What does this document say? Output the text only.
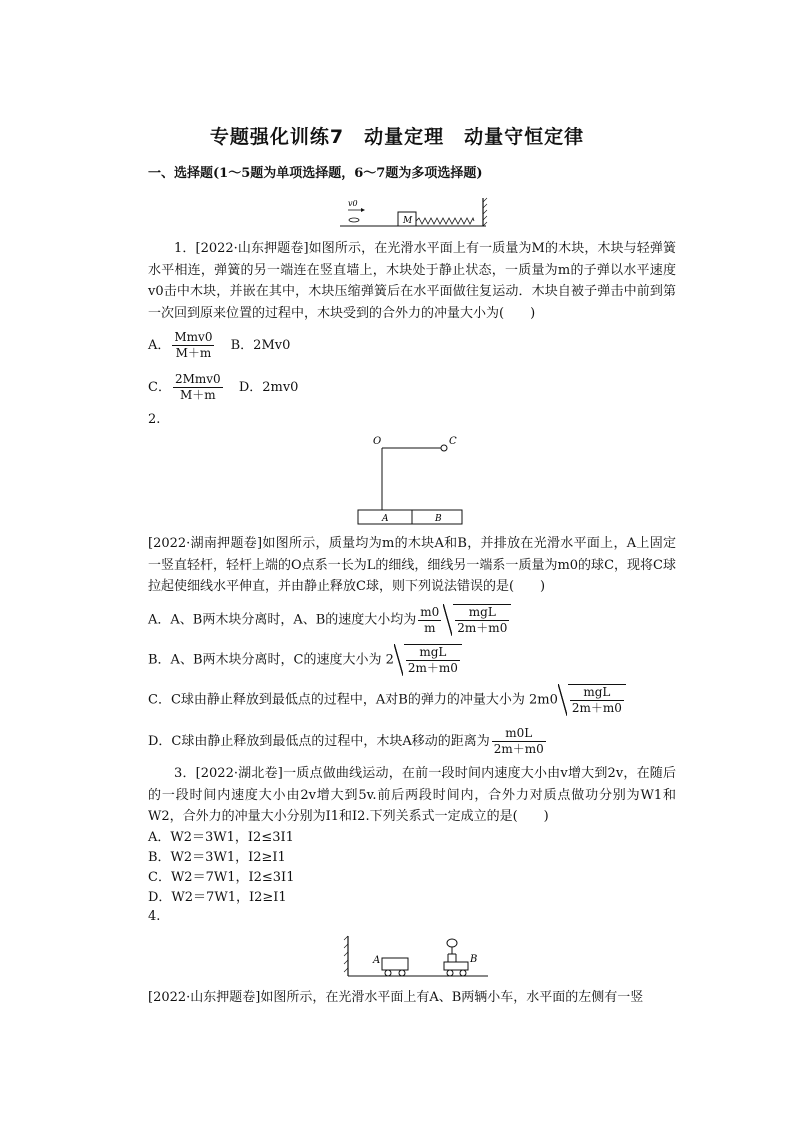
专题强化训练7　动量定理　动量守恒定律
一、选择题(1～5题为单项选择题，6～7题为多项选择题)
v0
M
1．[2022·山东押题卷]如图所示，在光滑水平面上有一质量为M的木块，木块与轻弹簧水平相连，弹簧的另一端连在竖直墙上，木块处于静止状态，一质量为m的子弹以水平速度v0击中木块，并嵌在其中，木块压缩弹簧后在水平面做往复运动．木块自被子弹击中前到第一次回到原来位置的过程中，木块受到的合外力的冲量大小为(　　)
A． $\frac{\text{Mmv0}}{M+m}$ B．2Mv0
C． $\frac{\text{2Mmv0}}{M+m}$ D．2mv0
2.
O	C
A	B
[2022·湖南押题卷]如图所示，质量均为m的木块A和B，并排放在光滑水平面上，A上固定一竖直轻杆，轻杆上端的O点系一长为L的细线，细线另一端系一质量为m0的球C，现将C球拉起使细线水平伸直，并由静止释放C球，则下列说法错误的是(　　)
A．A、B两木块分离时，A、B的速度大小均为 $\frac{m0}{m} \frac{\text{mgL}}{2m+m0}$
B．A、B两木块分离时，C的速度大小为 $2 \frac{\text{mgL}}{2m+m0}$
C．C球由静止释放到最低点的过程中，A对B的弹力的冲量大小为 $2m0 \frac{\text{mgL}}{2m+m0}$
D．C球由静止释放到最低点的过程中，木块A移动的距离为 $\frac{m0L}{2m+m0}$
3．[2022·湖北卷]一质点做曲线运动，在前一段时间内速度大小由v增大到2v，在随后的一段时间内速度大小由2v增大到5v.前后两段时间内，合外力对质点做功分别为W1和W2，合外力的冲量大小分别为I1和I2.下列关系式一定成立的是(　　)
A．W2＝3W1，I2≤3I1
B．W2＝3W1，I2≥I1
C．W2＝7W1，I2≤3I1
D．W2＝7W1，I2≥I1
4.
A	B
[2022·山东押题卷]如图所示，在光滑水平面上有A、B两辆小车，水平面的左侧有一竖
